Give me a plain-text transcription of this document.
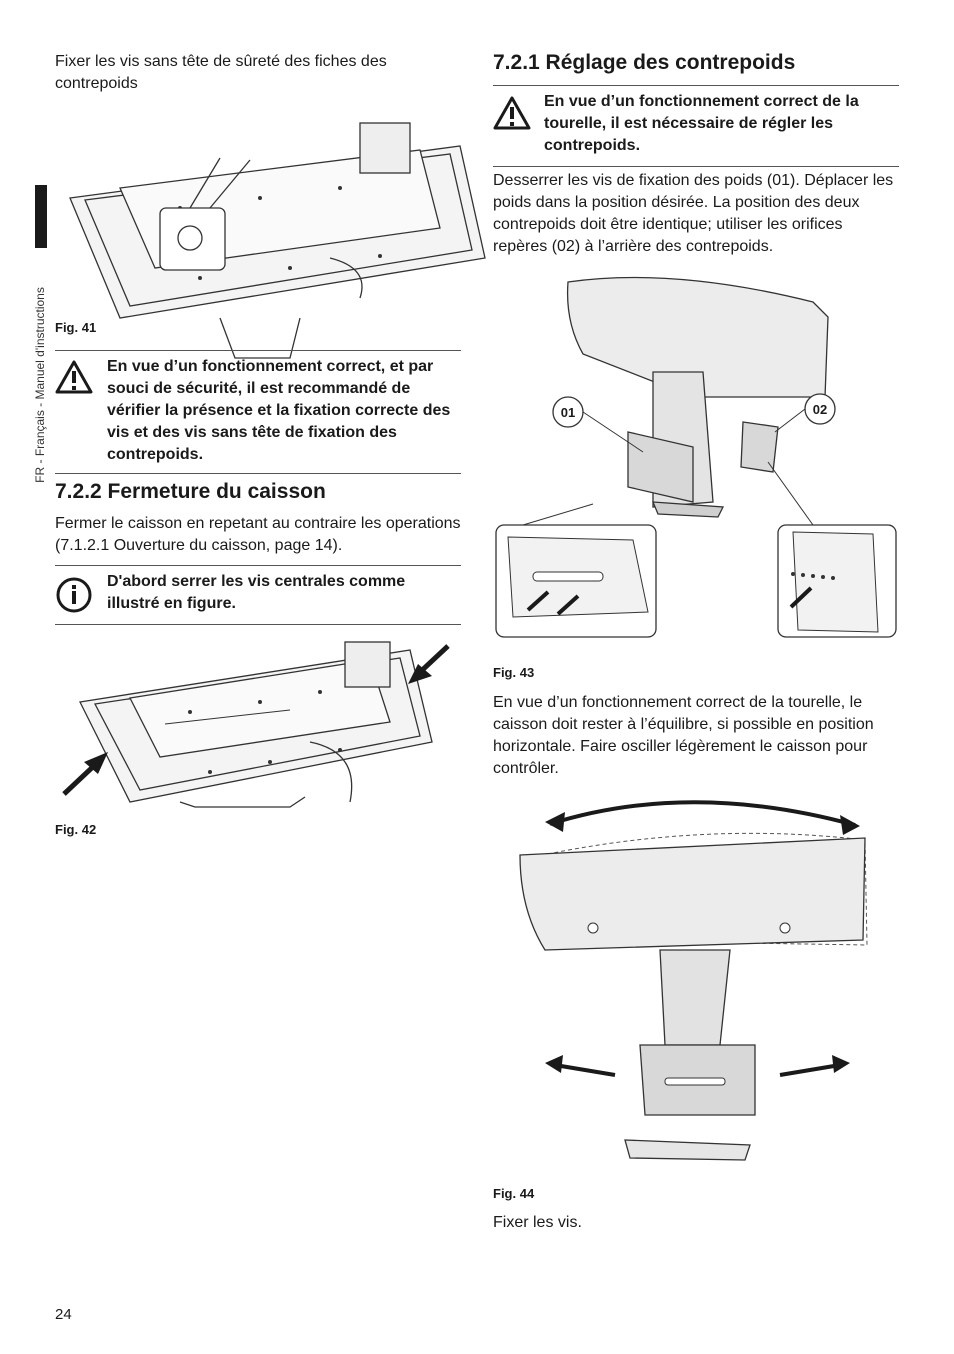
FR - Français - Manuel d'instructions
Fixer les vis sans tête de sûreté des fiches des contrepoids
Fig. 41
En vue d’un fonctionnement correct, et par souci de sécurité, il est recommandé de vérifier la présence et la fixation correcte des vis et des vis sans tête de fixation des contrepoids.
7.2.2 Fermeture du caisson
Fermer le caisson en repetant au contraire les operations (7.1.2.1 Ouverture du caisson, page 14).
D'abord serrer les vis centrales comme illustré en figure.
Fig. 42
7.2.1 Réglage des contrepoids
En vue d’un fonctionnement correct de la tourelle, il est nécessaire de régler les contrepoids.
Desserrer les vis de fixation des poids (01). Déplacer les poids dans la position désirée. La position des deux contrepoids doit être identique; utiliser les orifices repères (02) à l’arrière des contrepoids.
01	02
Fig. 43
En vue d’un fonctionnement correct de la tourelle, le caisson doit rester à l’équilibre, si possible en position horizontale. Faire osciller légèrement le caisson pour contrôler.
Fig. 44
Fixer les vis.
24
